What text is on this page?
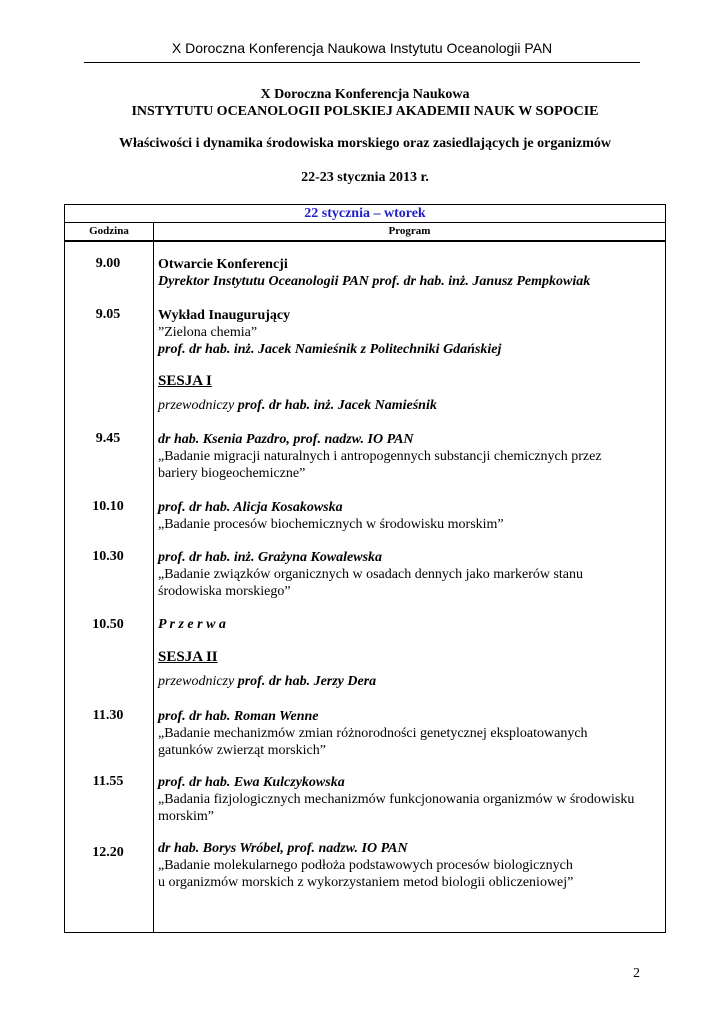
X Doroczna Konferencja Naukowa Instytutu Oceanologii PAN
X Doroczna Konferencja Naukowa
INSTYTUTU OCEANOLOGII POLSKIEJ AKADEMII NAUK W SOPOCIE
Właściwości i dynamika środowiska morskiego oraz zasiedlających je organizmów
22-23 stycznia 2013 r.
22 stycznia – wtorek
Godzina	Program
9.00	Otwarcie Konferencji
Dyrektor Instytutu Oceanologii PAN prof. dr hab. inż. Janusz Pempkowiak
9.05	Wykład Inaugurujący
”Zielona chemia”
prof. dr hab. inż. Jacek Namieśnik z Politechniki Gdańskiej
SESJA I
przewodniczy prof. dr hab. inż. Jacek Namieśnik
9.45	dr hab. Ksenia Pazdro, prof. nadzw. IO PAN
„Badanie migracji naturalnych i antropogennych substancji chemicznych przez
bariery biogeochemiczne”
10.10	prof. dr hab. Alicja Kosakowska
„Badanie procesów biochemicznych w środowisku morskim”
10.30	prof. dr hab. inż. Grażyna Kowalewska
„Badanie związków organicznych w osadach dennych jako markerów stanu
środowiska morskiego”
10.50	P r z e r w a
SESJA II
przewodniczy prof. dr hab. Jerzy Dera
11.30	prof. dr hab. Roman Wenne
„Badanie mechanizmów zmian różnorodności genetycznej eksploatowanych
gatunków zwierząt morskich”
11.55	prof. dr hab. Ewa Kulczykowska
„Badania fizjologicznych mechanizmów funkcjonowania organizmów w środowisku
morskim”
12.20	dr hab. Borys Wróbel, prof. nadzw. IO PAN
„Badanie molekularnego podłoża podstawowych procesów biologicznych
u organizmów morskich z wykorzystaniem metod biologii obliczeniowej”
2
